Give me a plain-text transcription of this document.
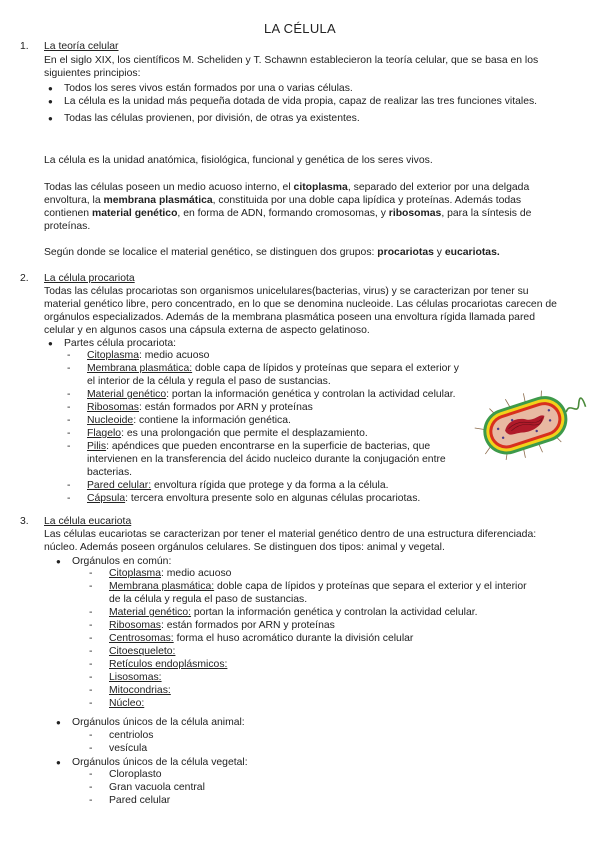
LA CÉLULA
1. La teoría celular
En el siglo XIX, los científicos M. Scheliden y T. Schawnn establecieron la teoría celular, que se basa en los siguientes principios:
● Todos los seres vivos están formados por una o varias células.
● La célula es la unidad más pequeña dotada de vida propia, capaz de realizar las tres funciones vitales.
● Todas las células provienen, por división, de otras ya existentes.
La célula es la unidad anatómica, fisiológica, funcional y genética de los seres vivos.
Todas las células poseen un medio acuoso interno, el citoplasma, separado del exterior por una delgada envoltura, la membrana plasmática, constituida por una doble capa lipídica y proteínas. Además todas contienen material genético, en forma de ADN, formando cromosomas, y ribosomas, para la síntesis de proteínas.
Según donde se localice el material genético, se distinguen dos grupos: procariotas y eucariotas.
2. La célula procariota
Todas las células procariotas son organismos unicelulares(bacterias, virus) y se caracterizan por tener su material genético libre, pero concentrado, en lo que se denomina nucleoide. Las células procariotas carecen de orgánulos especializados. Además de la membrana plasmática poseen una envoltura rígida llamada pared celular y en algunos casos una cápsula externa de aspecto gelatinoso.
● Partes célula procariota:
- Citoplasma: medio acuoso
- Membrana plasmática: doble capa de lípidos y proteínas que separa el exterior y el interior de la célula y regula el paso de sustancias.
- Material genético: portan la información genética y controlan la actividad celular.
- Ribosomas: están formados por ARN y proteínas
- Nucleoide: contiene la información genética.
- Flagelo: es una prolongación que permite el desplazamiento.
- Pilis: apéndices que pueden encontrarse en la superficie de bacterias, que intervienen en la transferencia del ácido nucleico durante la conjugación entre bacterias.
- Pared celular: envoltura rígida que protege y da forma a la célula.
- Cápsula: tercera envoltura presente solo en algunas células procariotas.
3. La célula eucariota
Las células eucariotas se caracterizan por tener el material genético dentro de una estructura diferenciada: núcleo. Además poseen orgánulos celulares. Se distinguen dos tipos: animal y vegetal.
● Orgánulos en común:
- Citoplasma: medio acuoso
- Membrana plasmática: doble capa de lípidos y proteínas que separa el exterior y el interior de la célula y regula el paso de sustancias.
- Material genético: portan la información genética y controlan la actividad celular.
- Ribosomas: están formados por ARN y proteínas
- Centrosomas: forma el huso acromático durante la división celular
- Citoesqueleto:
- Retículos endoplásmicos:
- Lisosomas:
- Mitocondrias:
- Núcleo:
● Orgánulos únicos de la célula animal:
- centriolos
- vesícula
● Orgánulos únicos de la célula vegetal:
- Cloroplasto
- Gran vacuola central
- Pared celular
